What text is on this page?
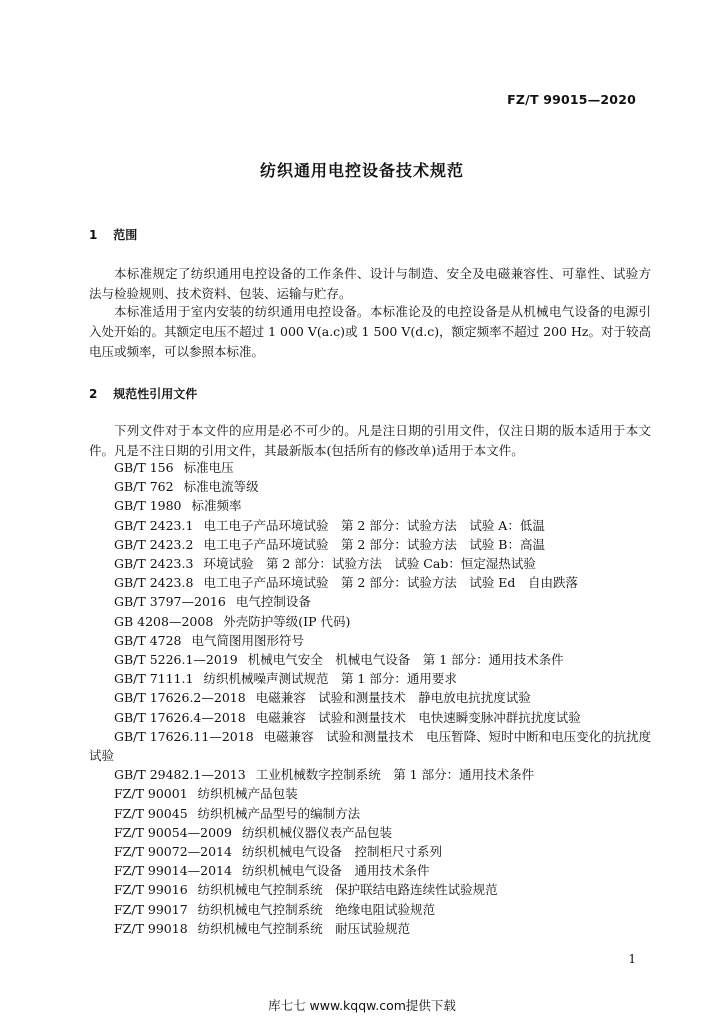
FZ/T 99015—2020
纺织通用电控设备技术规范
1 范围

本标准规定了纺织通用电控设备的工作条件、设计与制造、安全及电磁兼容性、可靠性、试验方法与检验规则、技术资料、包装、运输与贮存。

本标准适用于室内安装的纺织通用电控设备。本标准论及的电控设备是从机械电气设备的电源引入处开始的。其额定电压不超过 1 000 V(a.c)或 1 500 V(d.c)，额定频率不超过 200 Hz。对于较高电压或频率，可以参照本标准。

2 规范性引用文件

下列文件对于本文件的应用是必不可少的。凡是注日期的引用文件，仅注日期的版本适用于本文件。凡是不注日期的引用文件，其最新版本(包括所有的修改单)适用于本文件。

GB/T 156 标准电压
GB/T 762 标准电流等级
GB/T 1980 标准频率
GB/T 2423.1 电工电子产品环境试验　第 2 部分：试验方法　试验 A：低温
GB/T 2423.2 电工电子产品环境试验　第 2 部分：试验方法　试验 B：高温
GB/T 2423.3 环境试验　第 2 部分：试验方法　试验 Cab：恒定湿热试验
GB/T 2423.8 电工电子产品环境试验　第 2 部分：试验方法　试验 Ed　自由跌落
GB/T 3797—2016 电气控制设备
GB 4208—2008 外壳防护等级(IP 代码)
GB/T 4728 电气简图用图形符号
GB/T 5226.1—2019 机械电气安全　机械电气设备　第 1 部分：通用技术条件
GB/T 7111.1 纺织机械噪声测试规范　第 1 部分：通用要求
GB/T 17626.2—2018 电磁兼容　试验和测量技术　静电放电抗扰度试验
GB/T 17626.4—2018 电磁兼容　试验和测量技术　电快速瞬变脉冲群抗扰度试验
GB/T 17626.11—2018 电磁兼容　试验和测量技术　电压暂降、短时中断和电压变化的抗扰度
试验
GB/T 29482.1—2013 工业机械数字控制系统　第 1 部分：通用技术条件
FZ/T 90001 纺织机械产品包装
FZ/T 90045 纺织机械产品型号的编制方法
FZ/T 90054—2009 纺织机械仪器仪表产品包装
FZ/T 90072—2014 纺织机械电气设备　控制柜尺寸系列
FZ/T 99014—2014 纺织机械电气设备　通用技术条件
FZ/T 99016 纺织机械电气控制系统　保护联结电路连续性试验规范
FZ/T 99017 纺织机械电气控制系统　绝缘电阻试验规范
FZ/T 99018 纺织机械电气控制系统　耐压试验规范
1
库七七 www.kqqw.com提供下载
